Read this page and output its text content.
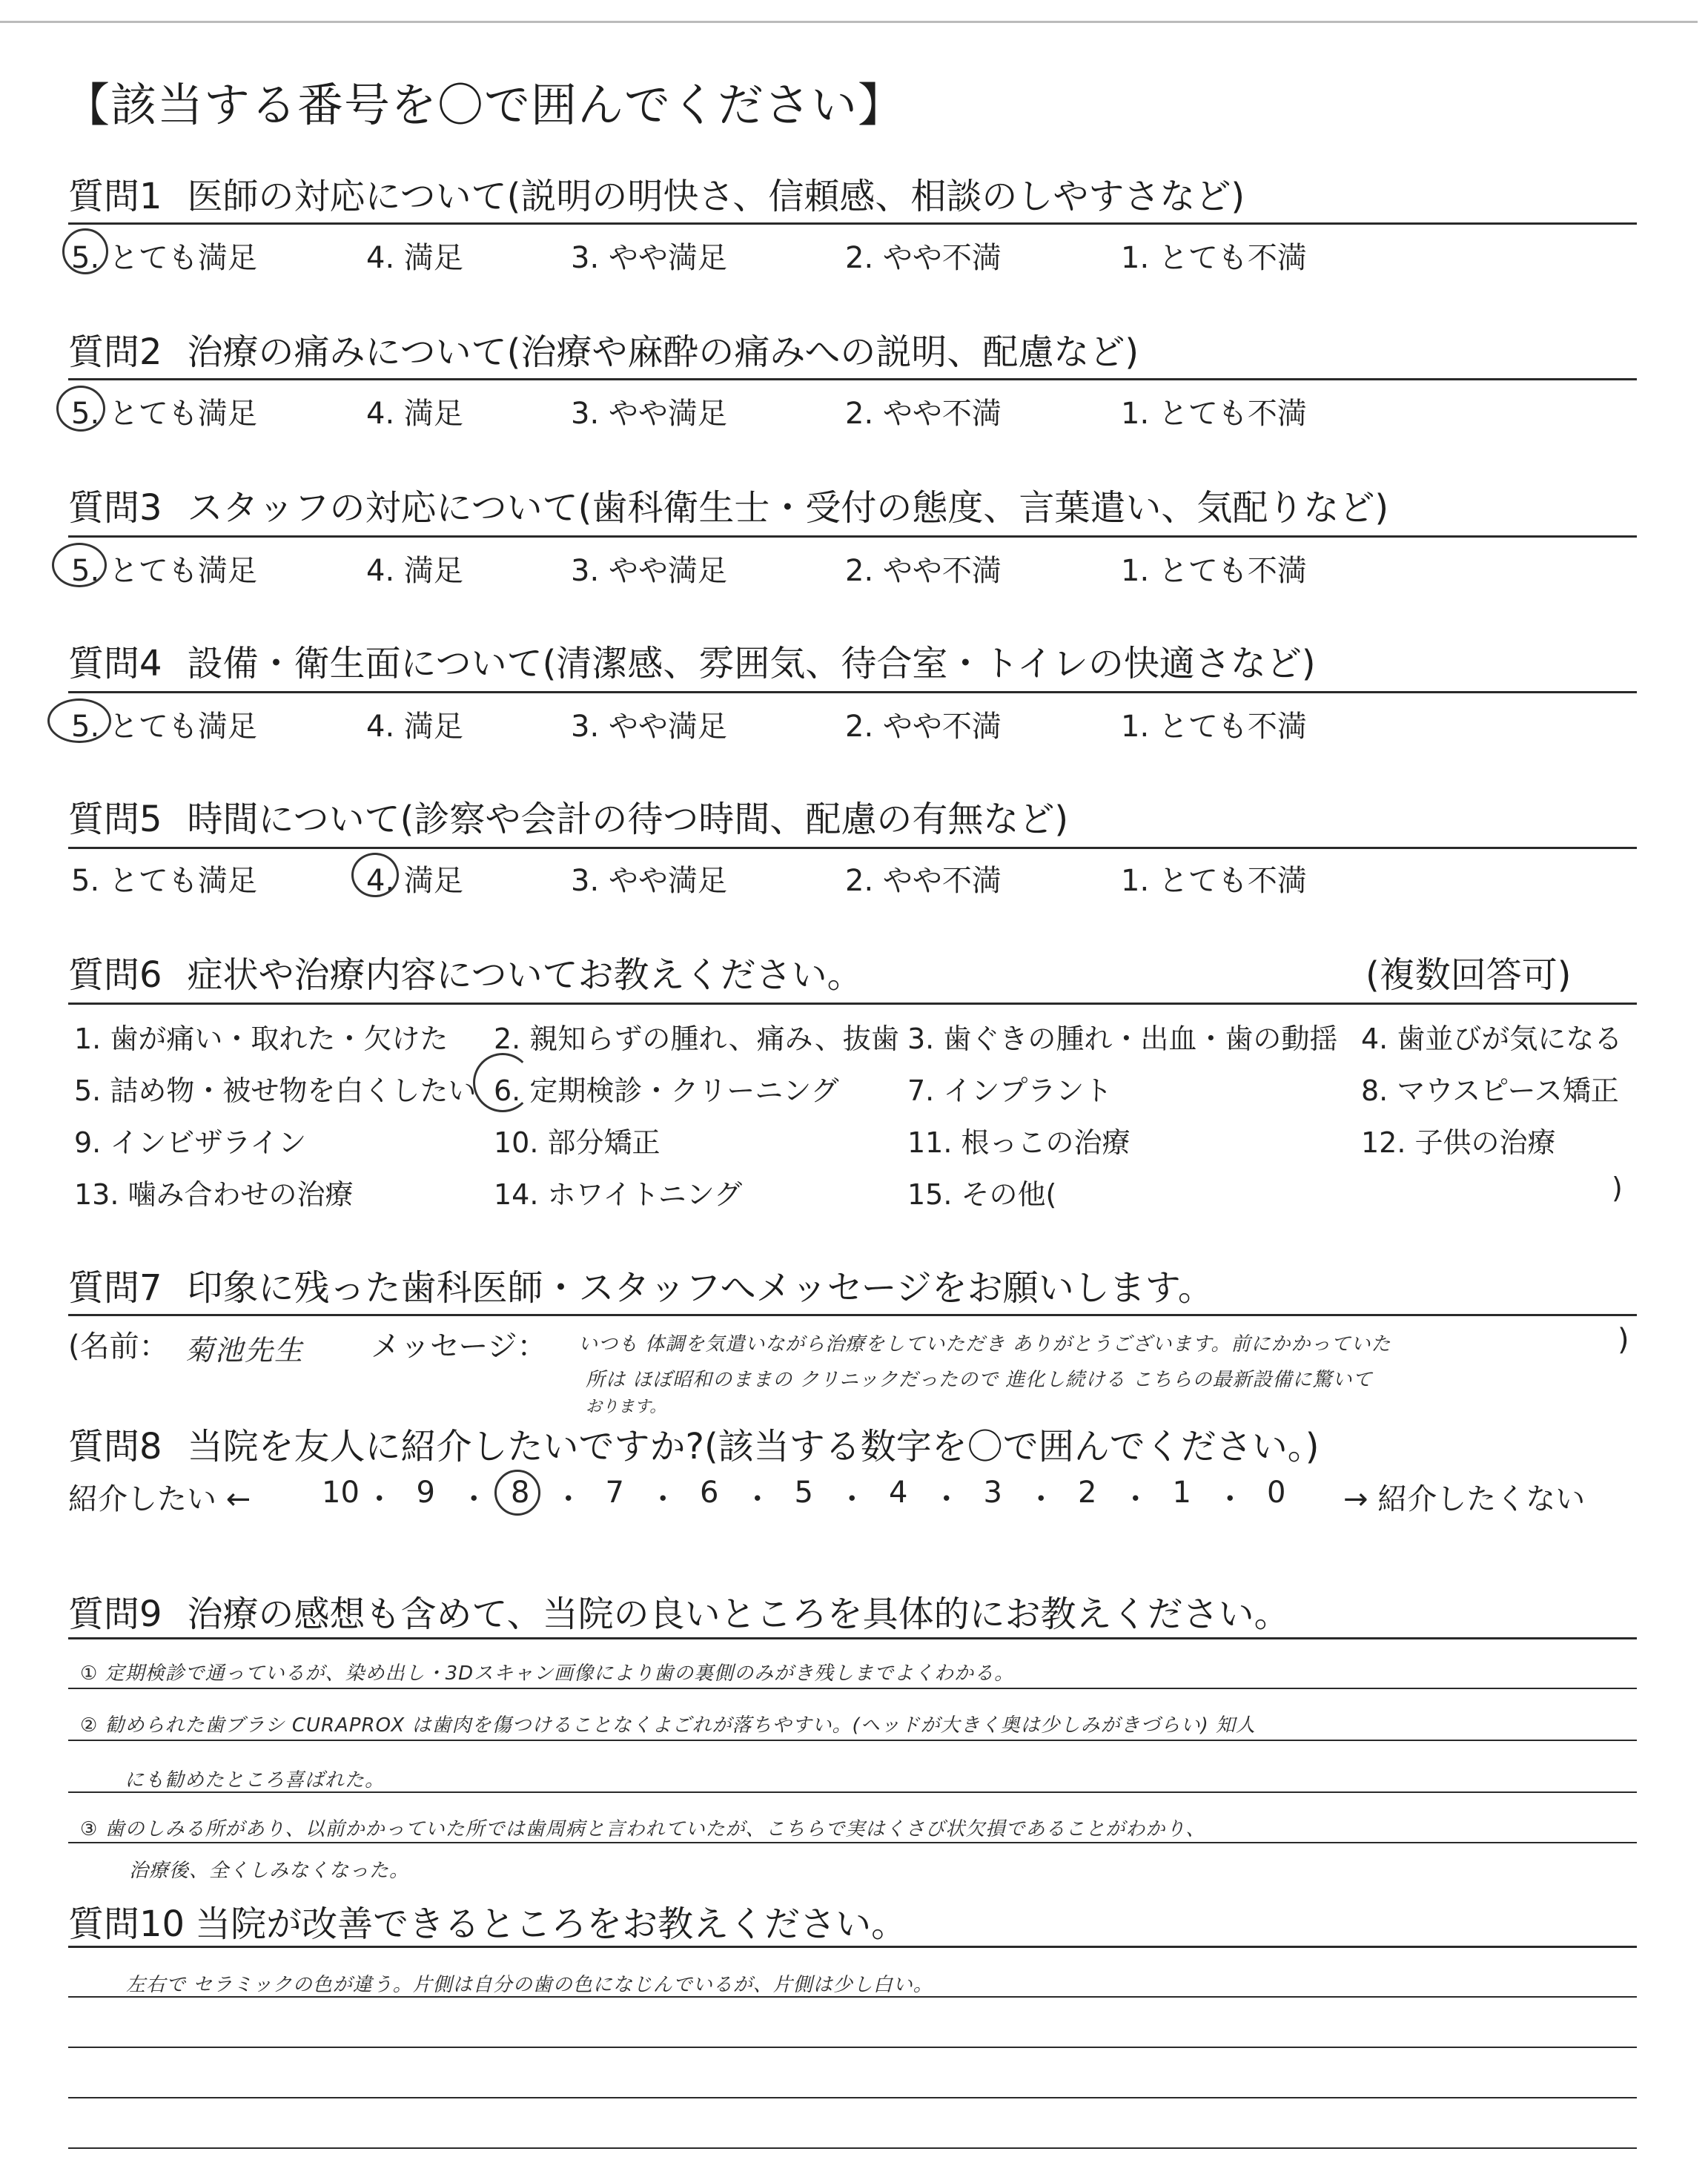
【該当する番号を〇で囲んでください】
質問1 医師の対応について(説明の明快さ、信頼感、相談のしやすさなど)
5. とても満足	4. 満足	3. やや満足	2. やや不満	1. とても不満
質問2 治療の痛みについて(治療や麻酔の痛みへの説明、配慮など)
5. とても満足	4. 満足	3. やや満足	2. やや不満	1. とても不満
質問3 スタッフの対応について(歯科衛生士・受付の態度、言葉遣い、気配りなど)
5. とても満足	4. 満足	3. やや満足	2. やや不満	1. とても不満
質問4 設備・衛生面について(清潔感、雰囲気、待合室・トイレの快適さなど)
5. とても満足	4. 満足	3. やや満足	2. やや不満	1. とても不満
質問5 時間について(診察や会計の待つ時間、配慮の有無など)
5. とても満足	4. 満足	3. やや満足	2. やや不満	1. とても不満
質問6 症状や治療内容についてお教えください。	(複数回答可)
1. 歯が痛い・取れた・欠けた 2. 親知らずの腫れ、痛み、抜歯 3. 歯ぐきの腫れ・出血・歯の動揺 4. 歯並びが気になる
5. 詰め物・被せ物を白くしたい 6. 定期検診・クリーニング 7. インプラント	8. マウスピース矯正
9. インビザライン	10. 部分矯正	11. 根っこの治療	12. 子供の治療
13. 噛み合わせの治療	14. ホワイトニング	15. その他(	)
質問7 印象に残った歯科医師・スタッフへメッセージをお願いします。
(名前： 菊池先生 メッセージ： いつも 体調を気遣いながら治療をしていただき ありがとうございます。前にかかっていた	)
所は ほぼ昭和のままの クリニックだったので 進化し続ける こちらの最新設備に驚いて
おります。
質問8 当院を友人に紹介したいですか?(該当する数字を〇で囲んでください。)
紹介したい ← 10 ・ 9 ・ 8 ・ 7 ・ 6 ・ 5 ・ 4 ・ 3 ・ 2 ・ 1 ・ 0 → 紹介したくない
質問9 治療の感想も含めて、当院の良いところを具体的にお教えください。
① 定期検診で通っているが、染め出し・3Dスキャン画像により歯の裏側のみがき残しまでよくわかる。
② 勧められた歯ブラシ CURAPROX は歯肉を傷つけることなくよごれが落ちやすい。(ヘッドが大きく奥は少しみがきづらい) 知人
にも勧めたところ喜ばれた。
③ 歯のしみる所があり、以前かかっていた所では歯周病と言われていたが、こちらで実はくさび状欠損であることがわかり、
治療後、全くしみなくなった。
質問10 当院が改善できるところをお教えください。
左右で セラミックの色が違う。片側は自分の歯の色になじんでいるが、片側は少し白い。
